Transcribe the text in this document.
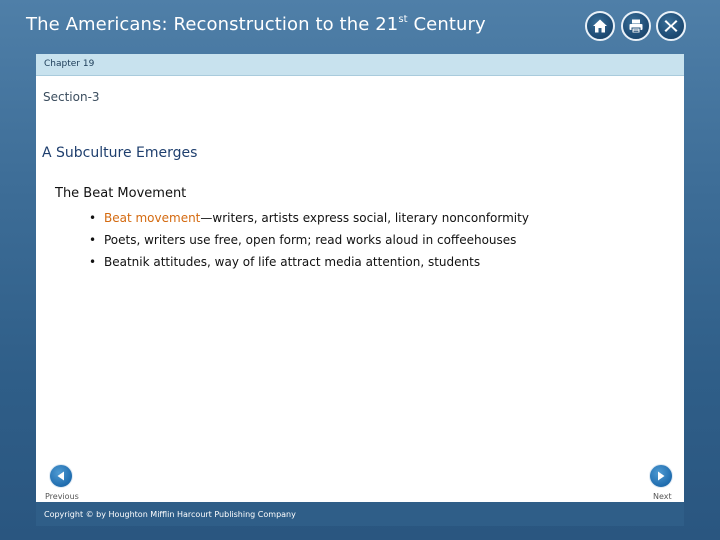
The Americans: Reconstruction to the 21st Century
Chapter 19
Section-3
A Subculture Emerges
The Beat Movement
• Beat movement—writers, artists express social, literary nonconformity
• Poets, writers use free, open form; read works aloud in coffeehouses
• Beatnik attitudes, way of life attract media attention, students
Previous	Next
Copyright © by Houghton Mifflin Harcourt Publishing Company
